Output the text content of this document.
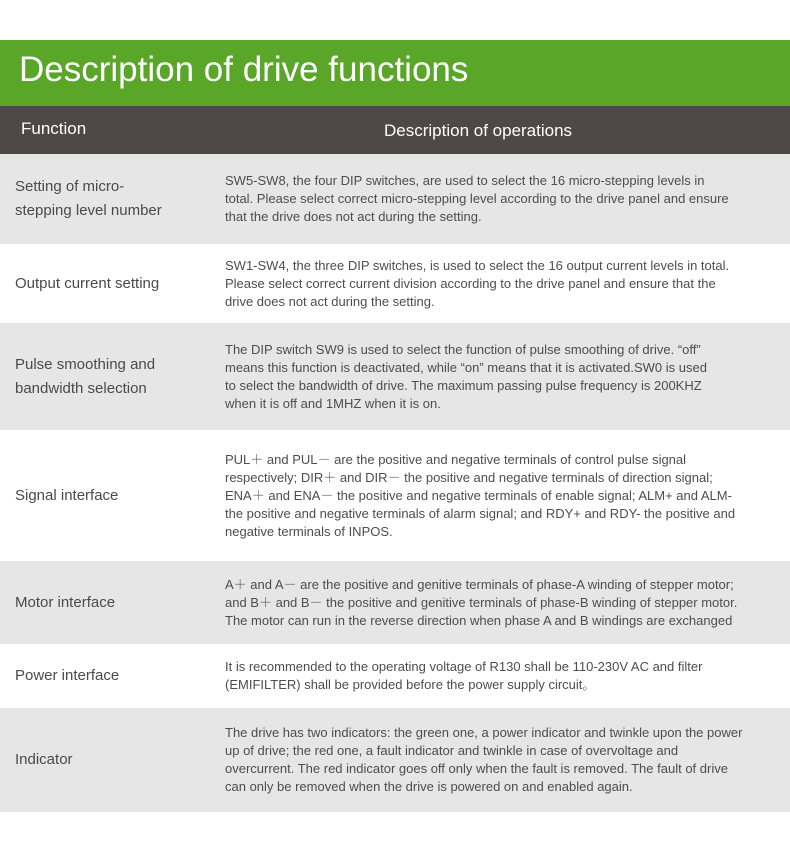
Description of drive functions
Function	Description of operations
Setting of micro-
stepping level number
SW5-SW8, the four DIP switches, are used to select the 16 micro-stepping levels in
total. Please select correct micro-stepping level according to the drive panel and ensure
that the drive does not act during the setting.
Output current setting
SW1-SW4, the three DIP switches, is used to select the 16 output current levels in total.
Please select correct current division according to the drive panel and ensure that the
drive does not act during the setting.
Pulse smoothing and
bandwidth selection
The DIP switch SW9 is used to select the function of pulse smoothing of drive. “off”
means this function is deactivated, while “on” means that it is activated.SW0 is used
to select the bandwidth of drive. The maximum passing pulse frequency is 200KHZ
when it is off and 1MHZ when it is on.
Signal interface
PUL＋ and PUL－ are the positive and negative terminals of control pulse signal
respectively; DIR＋ and DIR－ the positive and negative terminals of direction signal;
ENA＋ and ENA－ the positive and negative terminals of enable signal; ALM+ and ALM-
the positive and negative terminals of alarm signal; and RDY+ and RDY- the positive and
negative terminals of INPOS.
Motor interface
A＋ and A－ are the positive and genitive terminals of phase-A winding of stepper motor;
and B＋ and B－ the positive and genitive terminals of phase-B winding of stepper motor.
The motor can run in the reverse direction when phase A and B windings are exchanged
Power interface
It is recommended to the operating voltage of R130 shall be 110-230V AC and filter
(EMIFILTER) shall be provided before the power supply circuit。
Indicator
The drive has two indicators: the green one, a power indicator and twinkle upon the power
up of drive; the red one, a fault indicator and twinkle in case of overvoltage and
overcurrent. The red indicator goes off only when the fault is removed. The fault of drive
can only be removed when the drive is powered on and enabled again.
